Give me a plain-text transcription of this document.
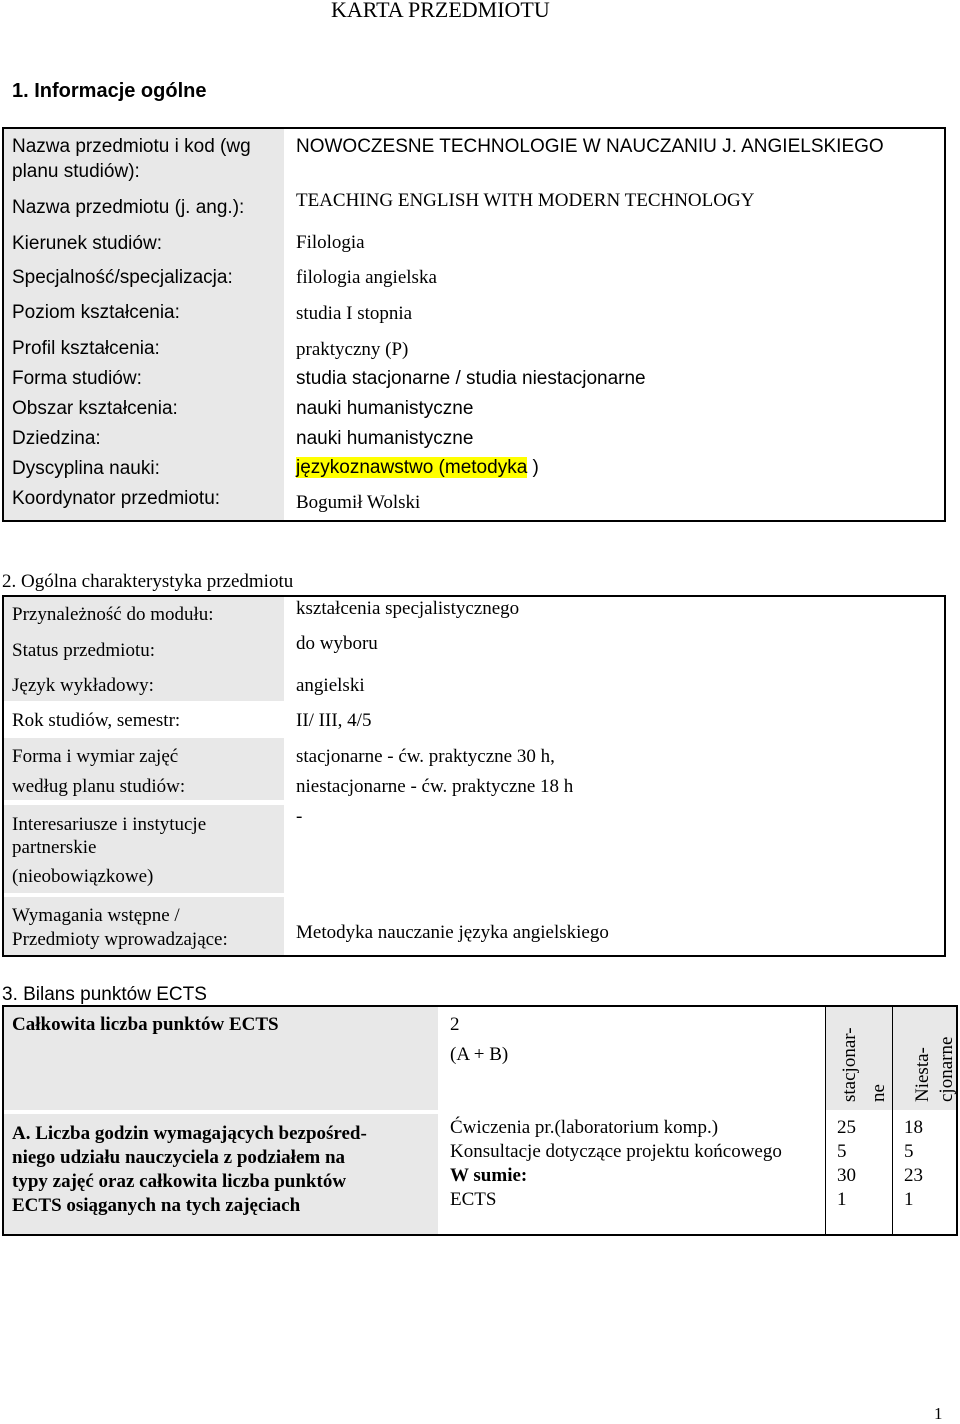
KARTA PRZEDMIOTU
1. Informacje ogólne
Nazwa przedmiotu i kod (wg
planu studiów):
Nazwa przedmiotu (j. ang.):
Kierunek studiów:
Specjalność/specjalizacja:
Poziom kształcenia:
Profil kształcenia:
Forma studiów:
Obszar kształcenia:
Dziedzina:
Dyscyplina nauki:
Koordynator przedmiotu:
NOWOCZESNE TECHNOLOGIE W NAUCZANIU J. ANGIELSKIEGO
TEACHING ENGLISH WITH MODERN TECHNOLOGY
Filologia
filologia angielska
studia I stopnia
praktyczny (P)
studia stacjonarne / studia niestacjonarne
nauki humanistyczne
nauki humanistyczne
językoznawstwo (metodyka )
Bogumił Wolski
2. Ogólna charakterystyka przedmiotu
Przynależność do modułu:
Status przedmiotu:
Język wykładowy:
Rok studiów, semestr:
Forma i wymiar zajęć
według planu studiów:
Interesariusze i instytucje
partnerskie
(nieobowiązkowe)
Wymagania wstępne /
Przedmioty wprowadzające:
kształcenia specjalistycznego
do wyboru
angielski
II/ III, 4/5
stacjonarne - ćw. praktyczne 30 h,
niestacjonarne - ćw. praktyczne 18 h
-
Metodyka nauczanie języka angielskiego
3. Bilans punktów ECTS
Całkowita liczba punktów ECTS	2
(A + B)	stacjonar- ne Niesta- cjonarne
A. Liczba godzin wymagających bezpośred-
niego udziału nauczyciela z podziałem na
typy zajęć oraz całkowita liczba punktów
ECTS osiąganych na tych zajęciach
Ćwiczenia pr.(laboratorium komp.)
Konsultacje dotyczące projektu końcowego
W sumie:
ECTS
25
5
30
1
18
5
23
1
1
